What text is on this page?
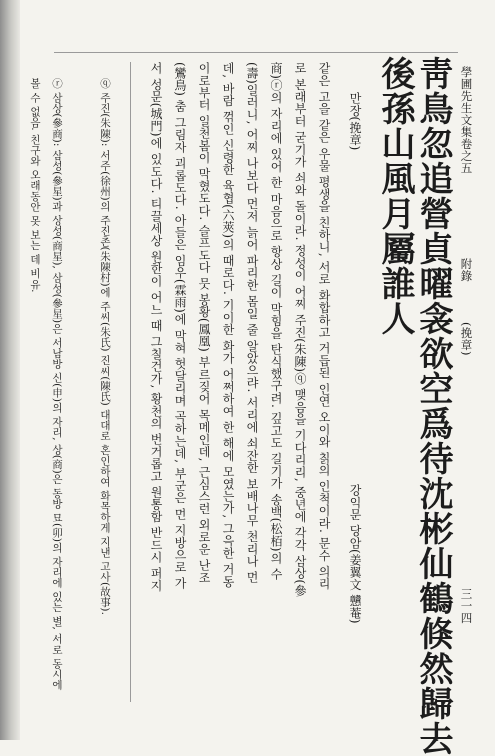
學圃先生文集卷之五
附錄
(挽章)
三一四
靑鳥忽追營貞曜衾欲空爲待沈彬仙鶴倏然歸去
後孫山風月屬誰人
만장(挽章)
강익문 당암(姜翼文 戇菴)
같은 고을 같은 우물 평생을 친하니, 서로 화합하고 거듭된 인연 오이와 칡의 인척이라. 문수 의리
로 본래부터 굳기가 쇠와 돌이라. 정성이 어찌 주진(朱陳)ⓠ 맺음을 기다리리, 중년에 각각 삼상(參
商)ⓡ의 자리에 있어 한 마음으로 항상 길이 막힘을 탄식했구려. 깊고도 길기가 송백(松栢)의 수
(壽)일러니, 어찌 나보다 먼저 늙어 파리한 몸일 줄 알았으랴. 서리에 쇠잔한 보배나무 천리나 먼
데, 바람 꺾인 신령한 육협(六莢)의 때로다. 기이한 화가 어쩌하여 한 해에 모였는가, 그윽한 거동
이로부터 일천봄이 막혔도다. 슬프도다 뭇 봉황(鳳凰) 부르짖어 목메인데, 근심스런 외로운 난조
(鸞鳥) 춤 그림자 괴롭도다. 아들은 임우(霖雨)에 막혀 헛달리며 곡하는데, 부군은 먼 지방으로 가
서 성문(城門)에 있도다. 티끌세상 원한이 어느 때 그칠건가, 황천의 번거롭고 원통함 반드시 퍼지
ⓠ 주진(朱陳): 서주(徐州)의 주진촌(朱陳村)에 주씨(朱氏) 진씨(陳氏) 대대로 혼인하여 화목하게 지낸 고사(故事).
ⓡ 삼상(參商): 삼성(參星)과 상성(商星), 삼성(參星)은 서남방 신(申)의 자리, 상(商)은 동방 묘(卯)의 자리에 있는 별, 서로 동시에 볼 수 없음. 친구와 오래동안 못 보는 데 비유.
